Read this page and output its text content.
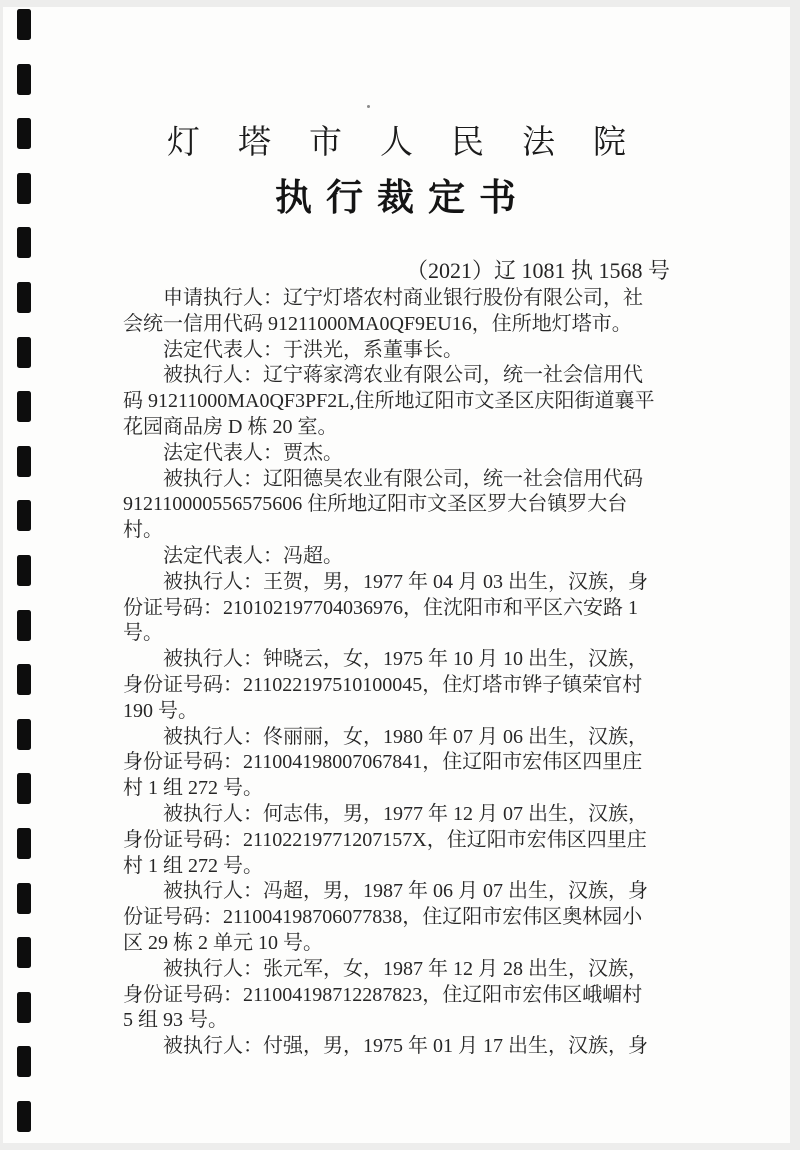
灯塔市人民法院
执行裁定书
（2021）辽 1081 执 1568 号
　　申请执行人：辽宁灯塔农村商业银行股份有限公司，社
会统一信用代码 91211000MA0QF9EU16，住所地灯塔市。
　　法定代表人：于洪光，系董事长。
　　被执行人：辽宁蒋家湾农业有限公司，统一社会信用代
码 91211000MA0QF3PF2L,住所地辽阳市文圣区庆阳街道襄平
花园商品房 D 栋 20 室。
　　法定代表人：贾杰。
　　被执行人：辽阳德昊农业有限公司，统一社会信用代码
912110000556575606 住所地辽阳市文圣区罗大台镇罗大台
村。
　　法定代表人：冯超。
　　被执行人：王贺，男，1977 年 04 月 03 出生，汉族，身
份证号码：210102197704036976，住沈阳市和平区六安路 1
号。
　　被执行人：钟晓云，女，1975 年 10 月 10 出生，汉族，
身份证号码：211022197510100045，住灯塔市铧子镇荣官村
190 号。
　　被执行人：佟丽丽，女，1980 年 07 月 06 出生，汉族，
身份证号码：211004198007067841，住辽阳市宏伟区四里庄
村 1 组 272 号。
　　被执行人：何志伟，男，1977 年 12 月 07 出生，汉族，
身份证号码：21102219771207157X，住辽阳市宏伟区四里庄
村 1 组 272 号。
　　被执行人：冯超，男，1987 年 06 月 07 出生，汉族，身
份证号码：211004198706077838，住辽阳市宏伟区奥林园小
区 29 栋 2 单元 10 号。
　　被执行人：张元军，女，1987 年 12 月 28 出生，汉族，
身份证号码：211004198712287823，住辽阳市宏伟区峨嵋村
5 组 93 号。
　　被执行人：付强，男，1975 年 01 月 17 出生，汉族，身
